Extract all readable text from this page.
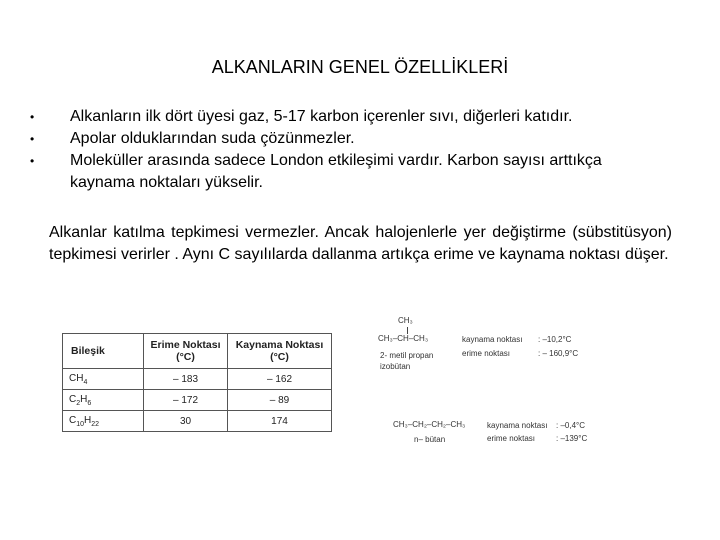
ALKANLARIN GENEL ÖZELLİKLERİ
• Alkanların ilk dört üyesi gaz, 5-17 karbon içerenler sıvı, diğerleri katıdır.
• Apolar olduklarından suda çözünmezler.
• Moleküller arasında sadece London etkileşimi vardır. Karbon sayısı arttıkça kaynama noktaları yükselir.
Alkanlar katılma tepkimesi vermezler. Ancak halojenlerle yer değiştirme (sübstitüsyon) tepkimesi verirler . Aynı C sayılılarda dallanma artıkça erime ve kaynama noktası düşer.
Bileşik	Erime Noktası (°C)	Kaynama Noktası (°C)
$CH_4$	– 183	– 162
$C_2H_6$	– 172	– 89
$C_{10}H_{22}$	30	174
CH₃
CH₃–CH–CH₃
2- metil propan
izobütan
kaynama noktası : –10,2°C
erime noktası	: – 160,9°C
CH₃–CH₂–CH₂–CH₃
n– bütan
kaynama noktası : –0,4°C
erime noktası	: –139°C
